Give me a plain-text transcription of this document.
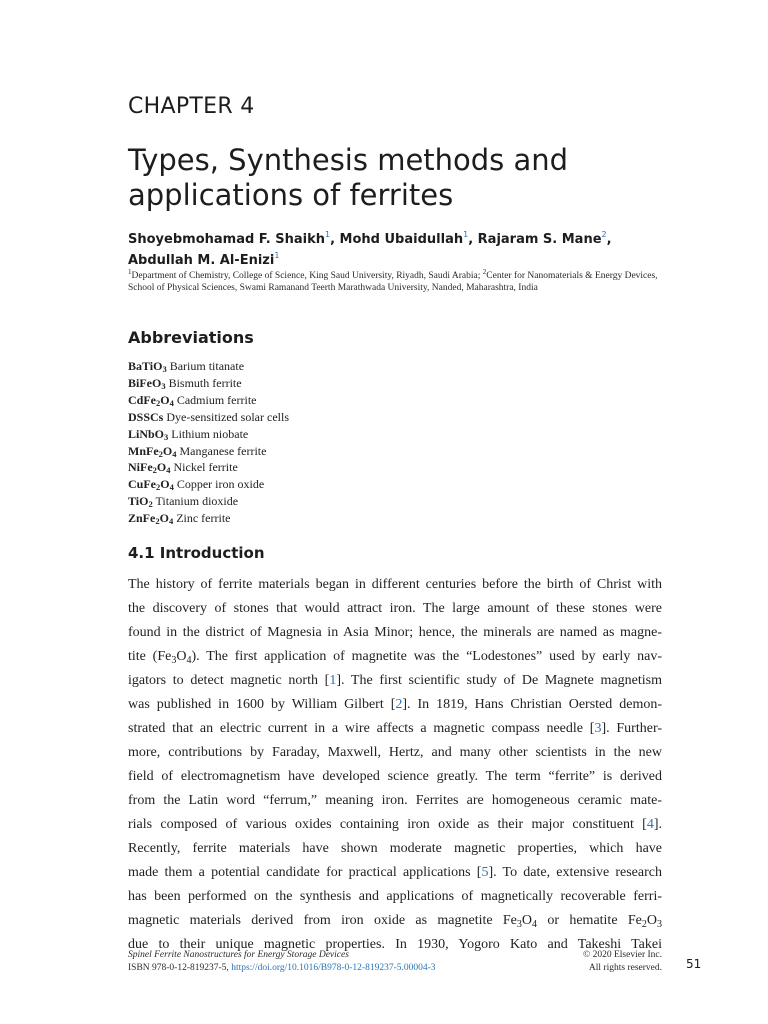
CHAPTER 4
Types, Synthesis methods and applications of ferrites
Shoyebmohamad F. Shaikh$^1$, Mohd Ubaidullah$^1$, Rajaram S. Mane$^2$,
Abdullah M. Al-Enizi$^1$
$^1$Department of Chemistry, College of Science, King Saud University, Riyadh, Saudi Arabia; $^2$Center for Nanomaterials & Energy Devices, School of Physical Sciences, Swami Ramanand Teerth Marathwada University, Nanded, Maharashtra, India
Abbreviations
BaTiO$_3$ Barium titanate
BiFeO$_3$ Bismuth ferrite
$CdFe_2O_4$ Cadmium ferrite
DSSCs Dye-sensitized solar cells
LiNbO$_3$ Lithium niobate
$MnFe_2O_4$ Manganese ferrite
$NiFe_2O_4$ Nickel ferrite
$CuFe_2O_4$ Copper iron oxide
TiO$_2$ Titanium dioxide
$ZnFe_2O_4$ Zinc ferrite
4.1 Introduction
The history of ferrite materials began in different centuries before the birth of Christ with
the discovery of stones that would attract iron. The large amount of these stones were
found in the district of Magnesia in Asia Minor; hence, the minerals are named as magne-
tite $(Fe_3O_4)$. The first application of magnetite was the “Lodestones” used by early nav-
igators to detect magnetic north [1]. The first scientific study of De Magnete magnetism
was published in 1600 by William Gilbert [2]. In 1819, Hans Christian Oersted demon-
strated that an electric current in a wire affects a magnetic compass needle [3]. Further-
more, contributions by Faraday, Maxwell, Hertz, and many other scientists in the new
field of electromagnetism have developed science greatly. The term “ferrite” is derived
from the Latin word “ferrum,” meaning iron. Ferrites are homogeneous ceramic mate-
rials composed of various oxides containing iron oxide as their major constituent [4].
Recently, ferrite materials have shown moderate magnetic properties, which have
made them a potential candidate for practical applications [5]. To date, extensive research
has been performed on the synthesis and applications of magnetically recoverable ferri-
magnetic materials derived from iron oxide as magnetite $Fe_3O_4$ or hematite $Fe_2O_3$
due to their unique magnetic properties. In 1930, Yogoro Kato and Takeshi Takei
Spinel Ferrite Nanostructures for Energy Storage Devices
ISBN 978-0-12-819237-5, https://doi.org/10.1016/B978-0-12-819237-5.00004-3
© 2020 Elsevier Inc.
All rights reserved. 51
